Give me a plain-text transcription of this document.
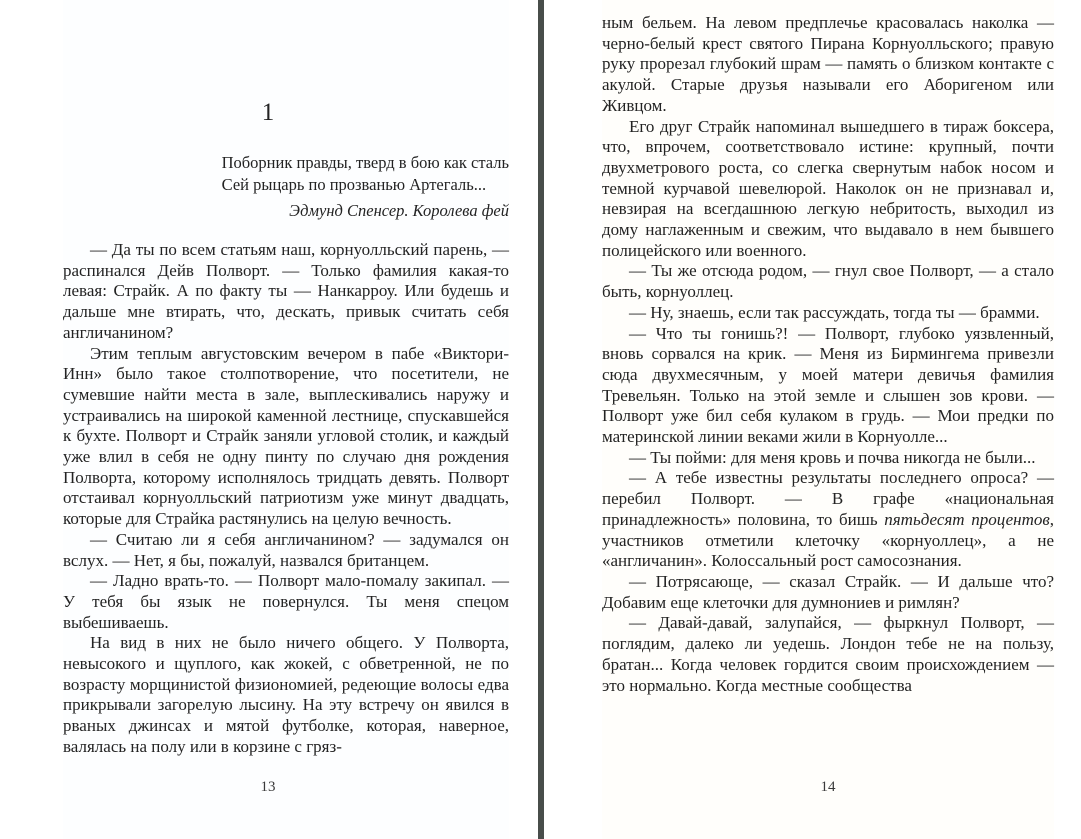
1
Поборник правды, тверд в бою как сталь
Сей рыцарь по прозванью Артегаль...
Эдмунд Спенсер. Королева фей

— Да ты по всем статьям наш, корнуолльский парень, — распинался Дейв Полворт. — Только фамилия какая-то левая: Страйк. А по факту ты — Нанкарроу. Или будешь и дальше мне втирать, что, дескать, привык считать себя англичанином?

Этим теплым августовским вечером в пабе «Виктори-Инн» было такое столпотворение, что посетители, не сумевшие найти места в зале, выплескивались наружу и устраивались на широкой каменной лестнице, спускавшейся к бухте. Полворт и Страйк заняли угловой столик, и каждый уже влил в себя не одну пинту по случаю дня рождения Полворта, которому исполнялось тридцать девять. Полворт отстаивал корнуолльский патриотизм уже минут двадцать, которые для Страйка растянулись на целую вечность.

— Считаю ли я себя англичанином? — задумался он вслух. — Нет, я бы, пожалуй, назвался британцем.

— Ладно врать-то. — Полворт мало-помалу закипал. — У тебя бы язык не повернулся. Ты меня спецом выбешиваешь.

На вид в них не было ничего общего. У Полворта, невысокого и щуплого, как жокей, с обветренной, не по возрасту морщинистой физиономией, редеющие волосы едва прикрывали загорелую лысину. На эту встречу он явился в рваных джинсах и мятой футболке, которая, наверное, валялась на полу или в корзине с гряз-

13

ным бельем. На левом предплечье красовалась наколка — черно-белый крест святого Пирана Корнуолльского; правую руку прорезал глубокий шрам — память о близком контакте с акулой. Старые друзья называли его Аборигеном или Живцом.

Его друг Страйк напоминал вышедшего в тираж боксера, что, впрочем, соответствовало истине: крупный, почти двухметрового роста, со слегка свернутым набок носом и темной курчавой шевелюрой. Наколок он не признавал и, невзирая на всегдашнюю легкую небритость, выходил из дому наглаженным и свежим, что выдавало в нем бывшего полицейского или военного.

— Ты же отсюда родом, — гнул свое Полворт, — а стало быть, корнуоллец.

— Ну, знаешь, если так рассуждать, тогда ты — брамми.

— Что ты гонишь?! — Полворт, глубоко уязвленный, вновь сорвался на крик. — Меня из Бирмингема привезли сюда двухмесячным, у моей матери девичья фамилия Тревельян. Только на этой земле и слышен зов крови. — Полворт уже бил себя кулаком в грудь. — Мои предки по материнской линии веками жили в Корнуолле...

— Ты пойми: для меня кровь и почва никогда не были...

— А тебе известны результаты последнего опроса? — перебил Полворт. — В графе «национальная принадлежность» половина, то бишь пятьдесят процентов, участников отметили клеточку «корнуоллец», а не «англичанин». Колоссальный рост самосознания.

— Потрясающе, — сказал Страйк. — И дальше что? Добавим еще клеточки для думнониев и римлян?

— Давай-давай, залупайся, — фыркнул Полворт, — поглядим, далеко ли уедешь. Лондон тебе не на пользу, братан... Когда человек гордится своим происхождением — это нормально. Когда местные сообщества

14
